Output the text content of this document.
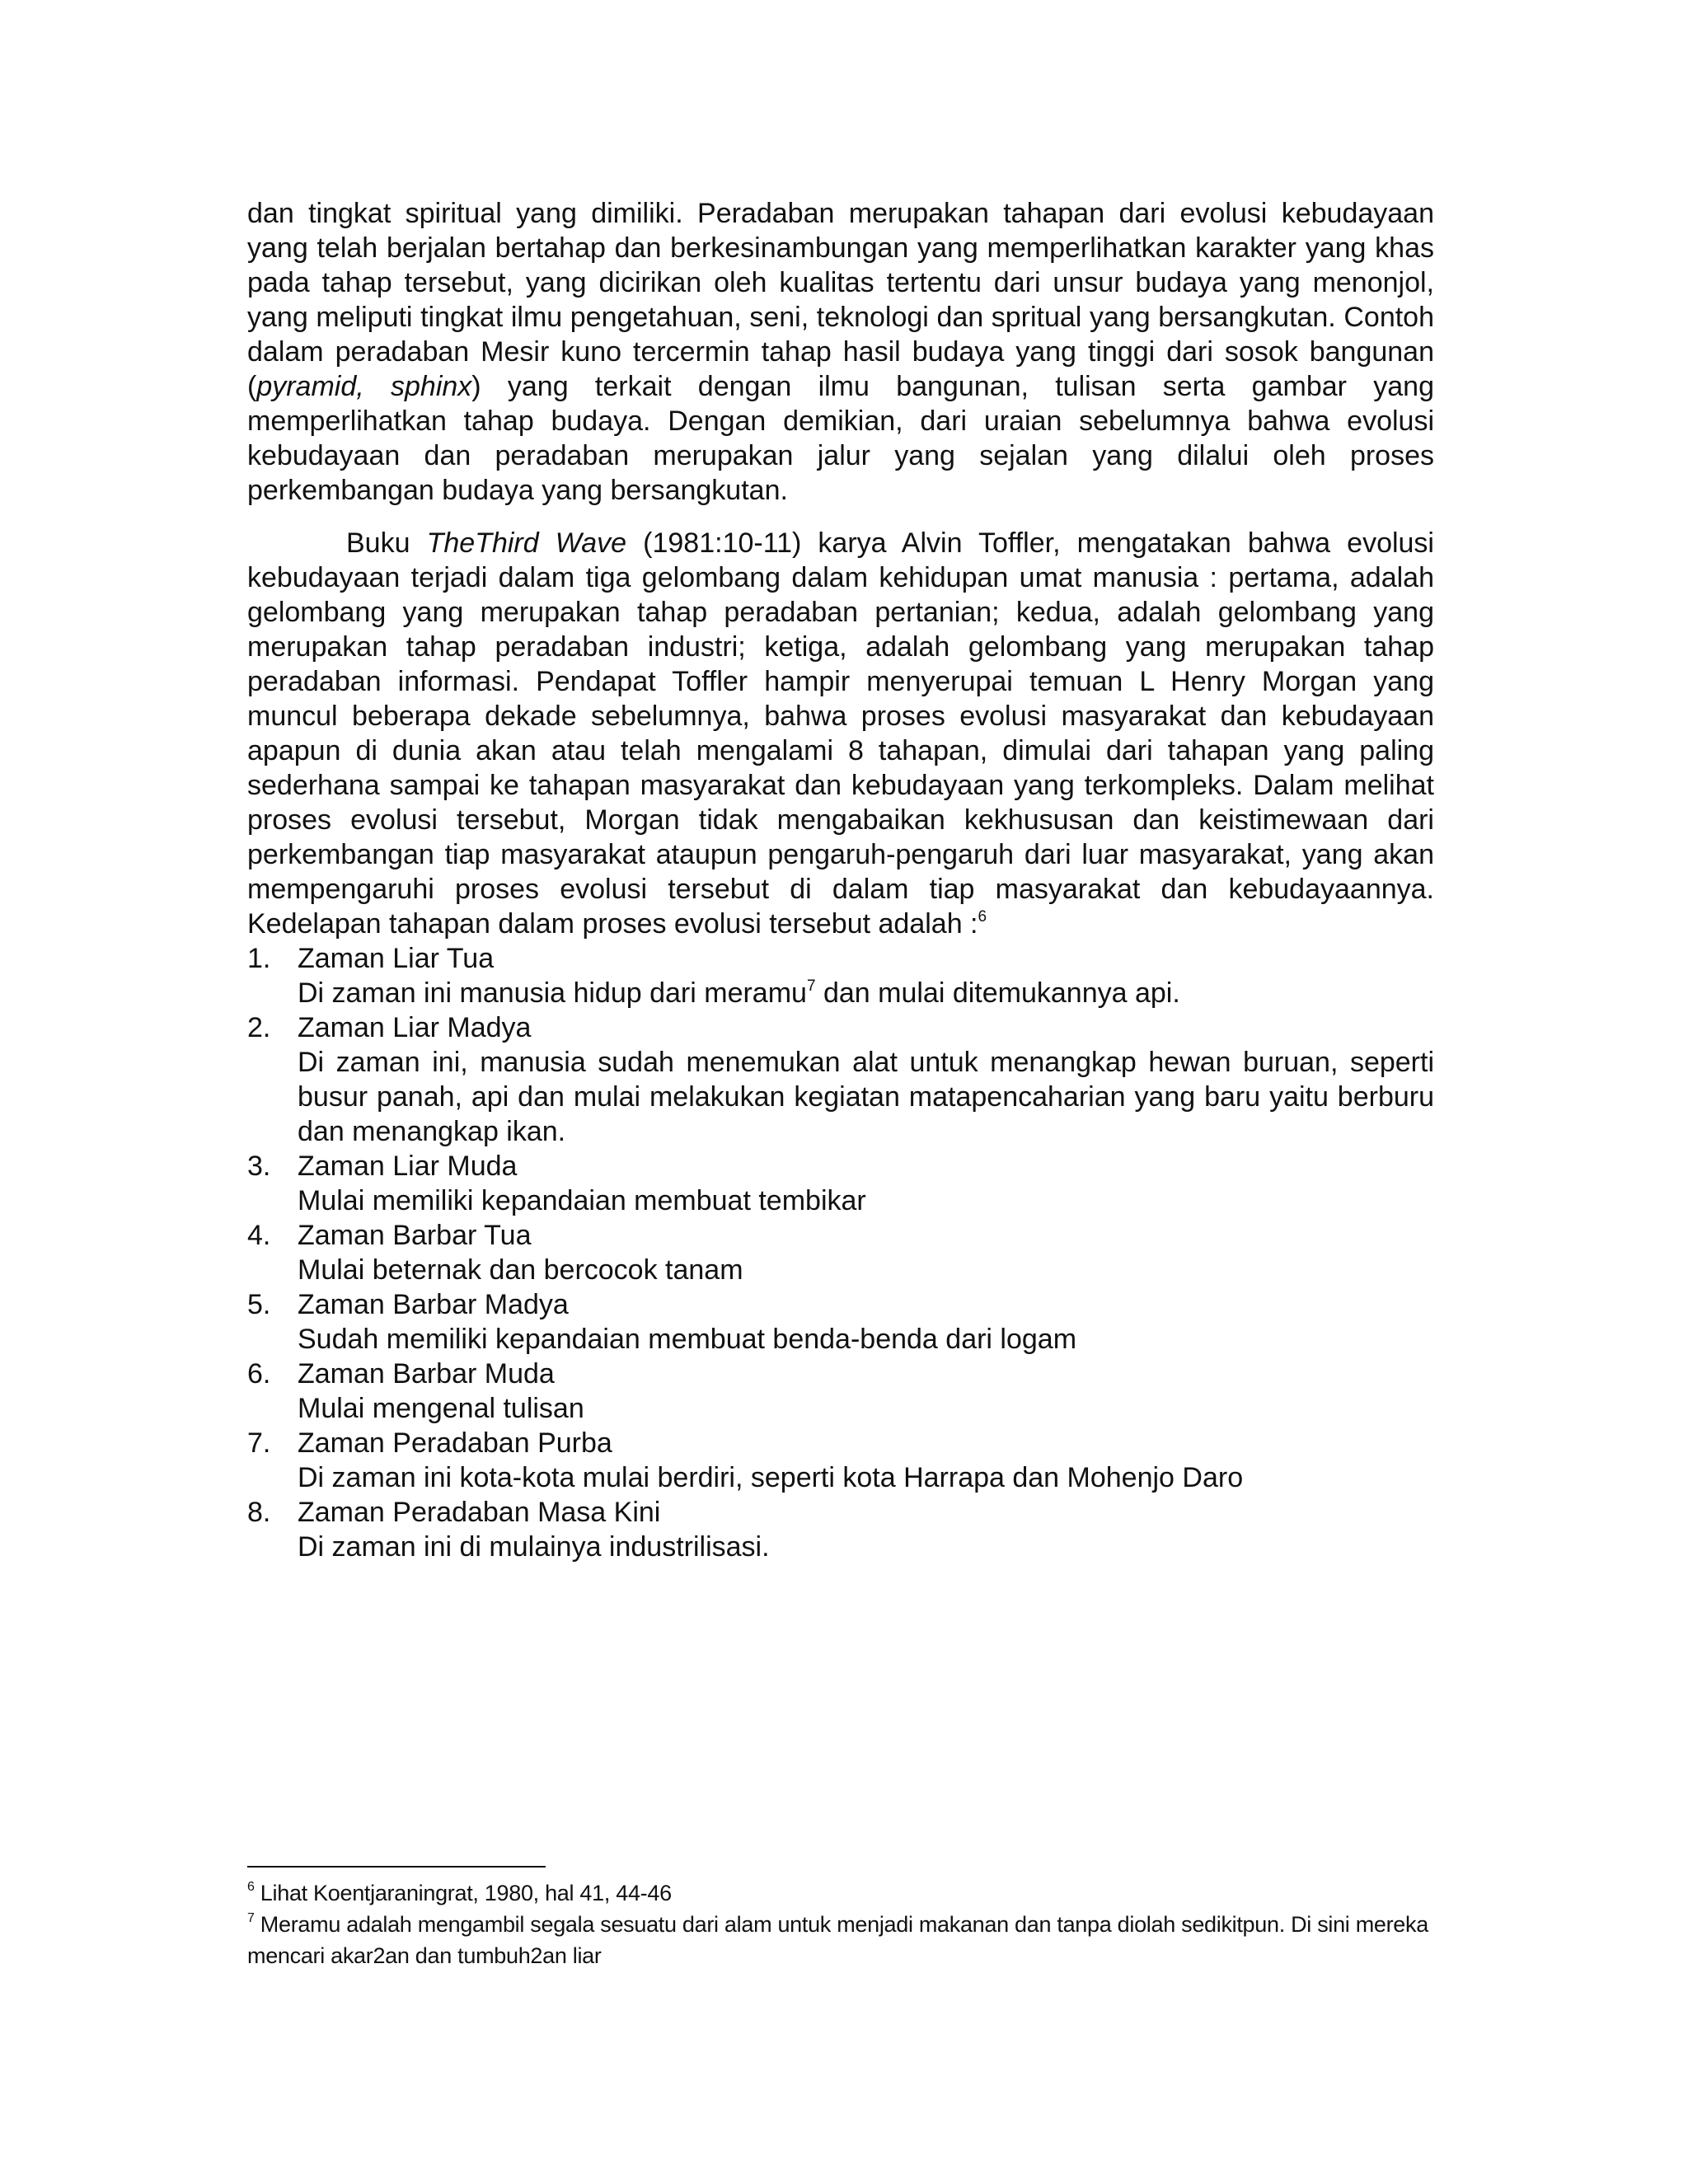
dan tingkat spiritual yang dimiliki. Peradaban merupakan tahapan dari evolusi kebudayaan yang telah berjalan bertahap dan berkesinambungan yang memperlihatkan karakter yang khas pada tahap tersebut, yang dicirikan oleh kualitas tertentu dari unsur budaya yang menonjol, yang meliputi tingkat ilmu pengetahuan, seni, teknologi dan spritual yang bersangkutan. Contoh dalam peradaban Mesir kuno tercermin tahap hasil budaya yang tinggi dari sosok bangunan (pyramid, sphinx) yang terkait dengan ilmu bangunan, tulisan serta gambar yang memperlihatkan tahap budaya. Dengan demikian, dari uraian sebelumnya bahwa evolusi kebudayaan dan peradaban merupakan jalur yang sejalan yang dilalui oleh proses perkembangan budaya yang bersangkutan.

Buku TheThird Wave (1981:10-11) karya Alvin Toffler, mengatakan bahwa evolusi kebudayaan terjadi dalam tiga gelombang dalam kehidupan umat manusia : pertama, adalah gelombang yang merupakan tahap peradaban pertanian; kedua, adalah gelombang yang merupakan tahap peradaban industri; ketiga, adalah gelombang yang merupakan tahap peradaban informasi. Pendapat Toffler hampir menyerupai temuan L Henry Morgan yang muncul beberapa dekade sebelumnya, bahwa proses evolusi masyarakat dan kebudayaan apapun di dunia akan atau telah mengalami 8 tahapan, dimulai dari tahapan yang paling sederhana sampai ke tahapan masyarakat dan kebudayaan yang terkompleks. Dalam melihat proses evolusi tersebut, Morgan tidak mengabaikan kekhususan dan keistimewaan dari perkembangan tiap masyarakat ataupun pengaruh-pengaruh dari luar masyarakat, yang akan mempengaruhi proses evolusi tersebut di dalam tiap masyarakat dan kebudayaannya. Kedelapan tahapan dalam proses evolusi tersebut adalah :$^6$

1. Zaman Liar Tua
Di zaman ini manusia hidup dari meramu$^7$ dan mulai ditemukannya api.
2. Zaman Liar Madya
Di zaman ini, manusia sudah menemukan alat untuk menangkap hewan buruan, seperti busur panah, api dan mulai melakukan kegiatan matapencaharian yang baru yaitu berburu dan menangkap ikan.
3. Zaman Liar Muda
Mulai memiliki kepandaian membuat tembikar
4. Zaman Barbar Tua
Mulai beternak dan bercocok tanam
5. Zaman Barbar Madya
Sudah memiliki kepandaian membuat benda-benda dari logam
6. Zaman Barbar Muda
Mulai mengenal tulisan
7. Zaman Peradaban Purba
Di zaman ini kota-kota mulai berdiri, seperti kota Harrapa dan Mohenjo Daro
8. Zaman Peradaban Masa Kini
Di zaman ini di mulainya industrilisasi.

$^6$ Lihat Koentjaraningrat, 1980, hal 41, 44-46

$^7$ Meramu adalah mengambil segala sesuatu dari alam untuk menjadi makanan dan tanpa diolah sedikitpun. Di sini mereka mencari akar2an dan tumbuh2an liar
